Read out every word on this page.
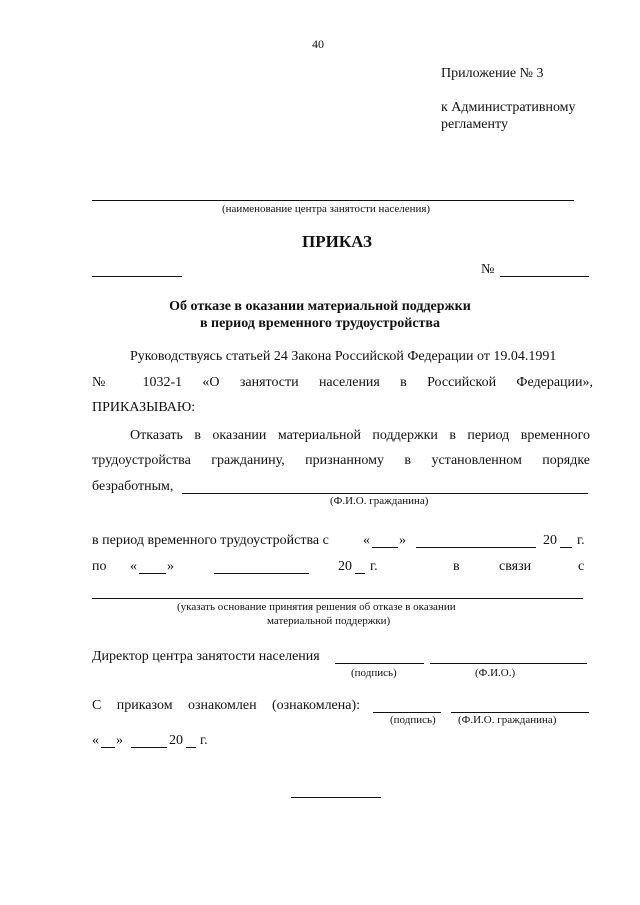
40
Приложение № 3
к Административному
регламенту
(наименование центра занятости населения)
ПРИКАЗ
№
Об отказе в оказании материальной поддержки
в период временного трудоустройства
Руководствуясь статьей 24 Закона Российской Федерации от 19.04.1991
№ 1032-1 «О занятости населения в Российской Федерации»,
ПРИКАЗЫВАЮ:
Отказать в оказании материальной поддержки в период временного
трудоустройства гражданину, признанному в установленном порядке
безработным,
(Ф.И.О. гражданина)
в период временного трудоустройства с « »	20 г.
по « »	20 г.	в	связи	с
(указать основание принятия решения об отказе в оказании
материальной поддержки)
Директор центра занятости населения
(подпись)	(Ф.И.О.)
С приказом ознакомлен (ознакомлена):
(подпись) (Ф.И.О. гражданина)
« »	20 г.
